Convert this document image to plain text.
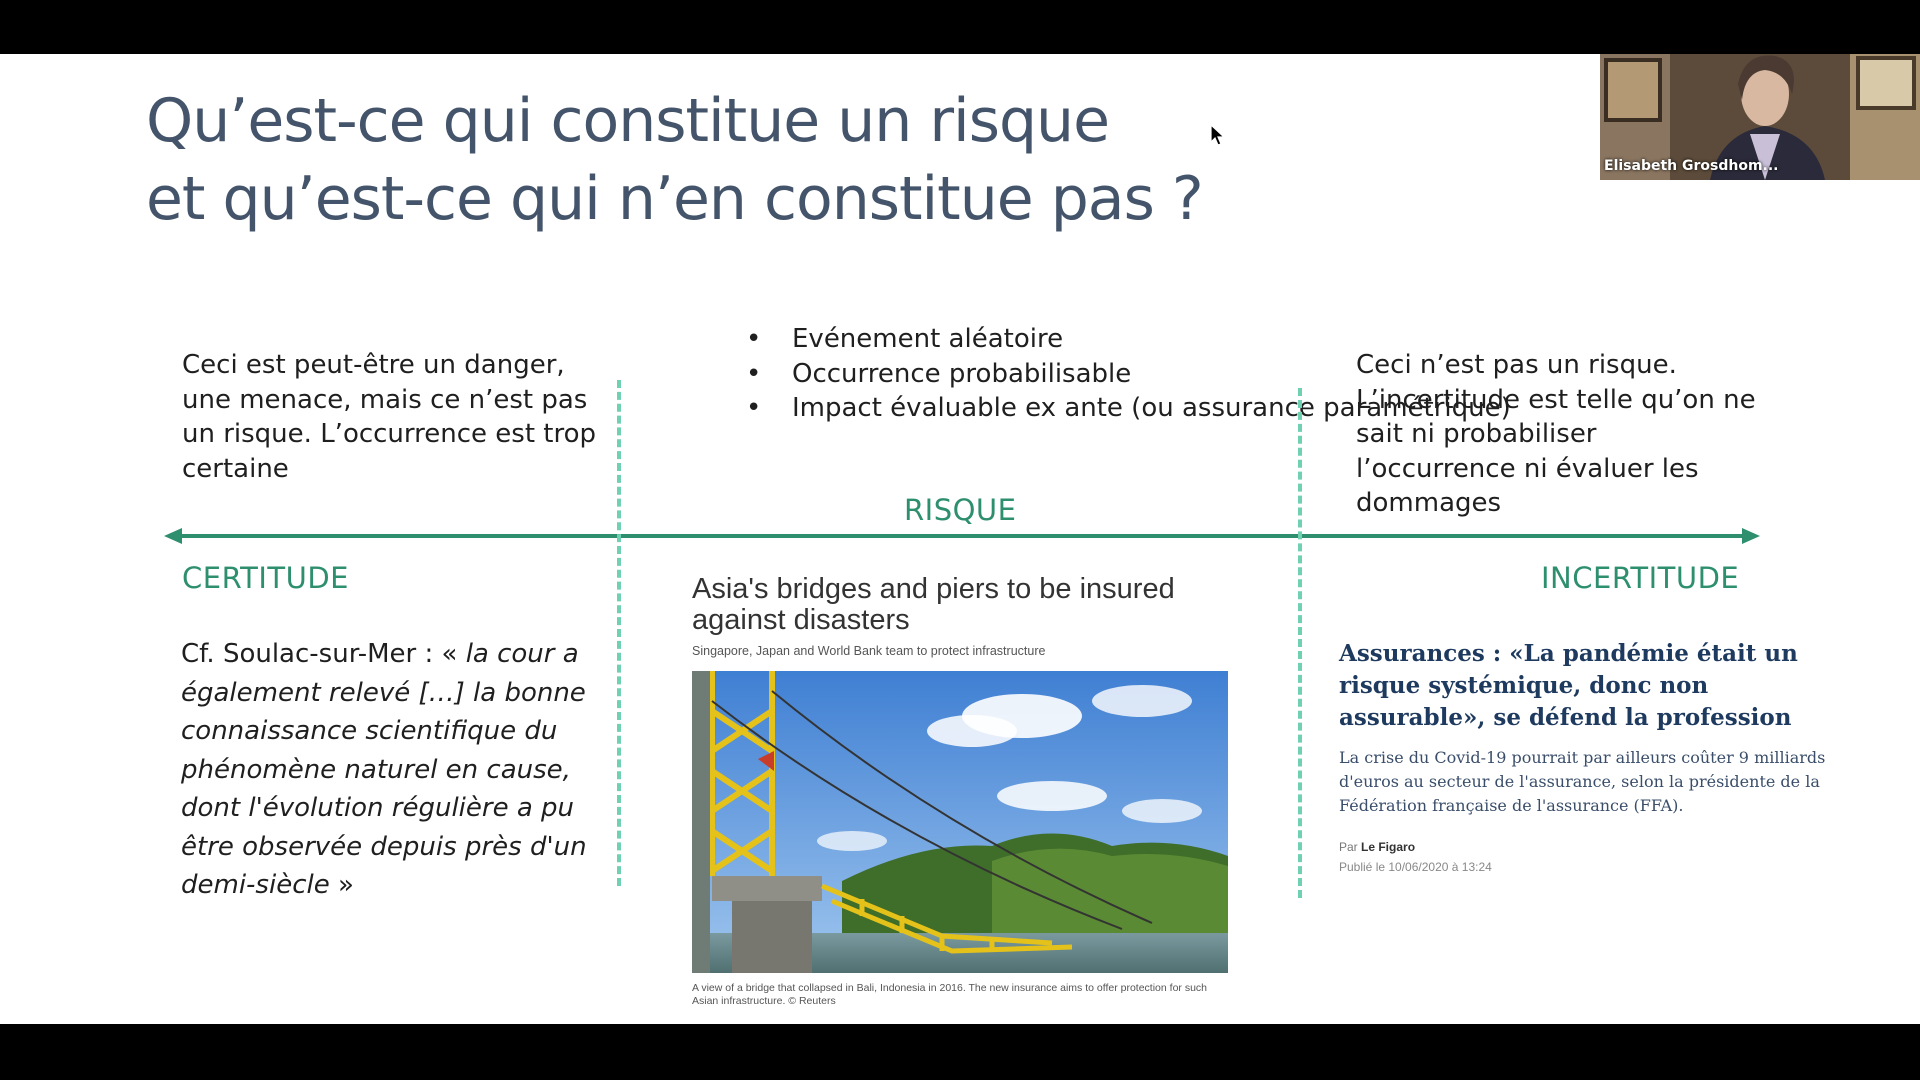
Qu’est-ce qui constitue un risque
et qu’est-ce qui n’en constitue pas ?
Ceci est peut-être un danger, une menace, mais ce n’est pas un risque. L’occurrence est trop certaine
• Evénement aléatoire
• Occurrence probabilisable
• Impact évaluable ex ante (ou assurance paramétrique)
Ceci n’est pas un risque. L’incertitude est telle qu’on ne sait ni probabiliser l’occurrence ni évaluer les dommages
RISQUE
CERTITUDE	INCERTITUDE
Cf. Soulac-sur-Mer : « la cour a également relevé […] la bonne connaissance scientifique du phénomène naturel en cause, dont l'évolution régulière a pu être observée depuis près d'un demi-siècle »
Asia's bridges and piers to be insured against disasters
Singapore, Japan and World Bank team to protect infrastructure
A view of a bridge that collapsed in Bali, Indonesia in 2016. The new insurance aims to offer protection for such Asian infrastructure. © Reuters
Assurances : «La pandémie était un risque systémique, donc non assurable», se défend la profession
La crise du Covid-19 pourrait par ailleurs coûter 9 milliards d'euros au secteur de l'assurance, selon la présidente de la Fédération française de l'assurance (FFA).
Par Le Figaro
Publié le 10/06/2020 à 13:24
Elisabeth Grosdhom...
